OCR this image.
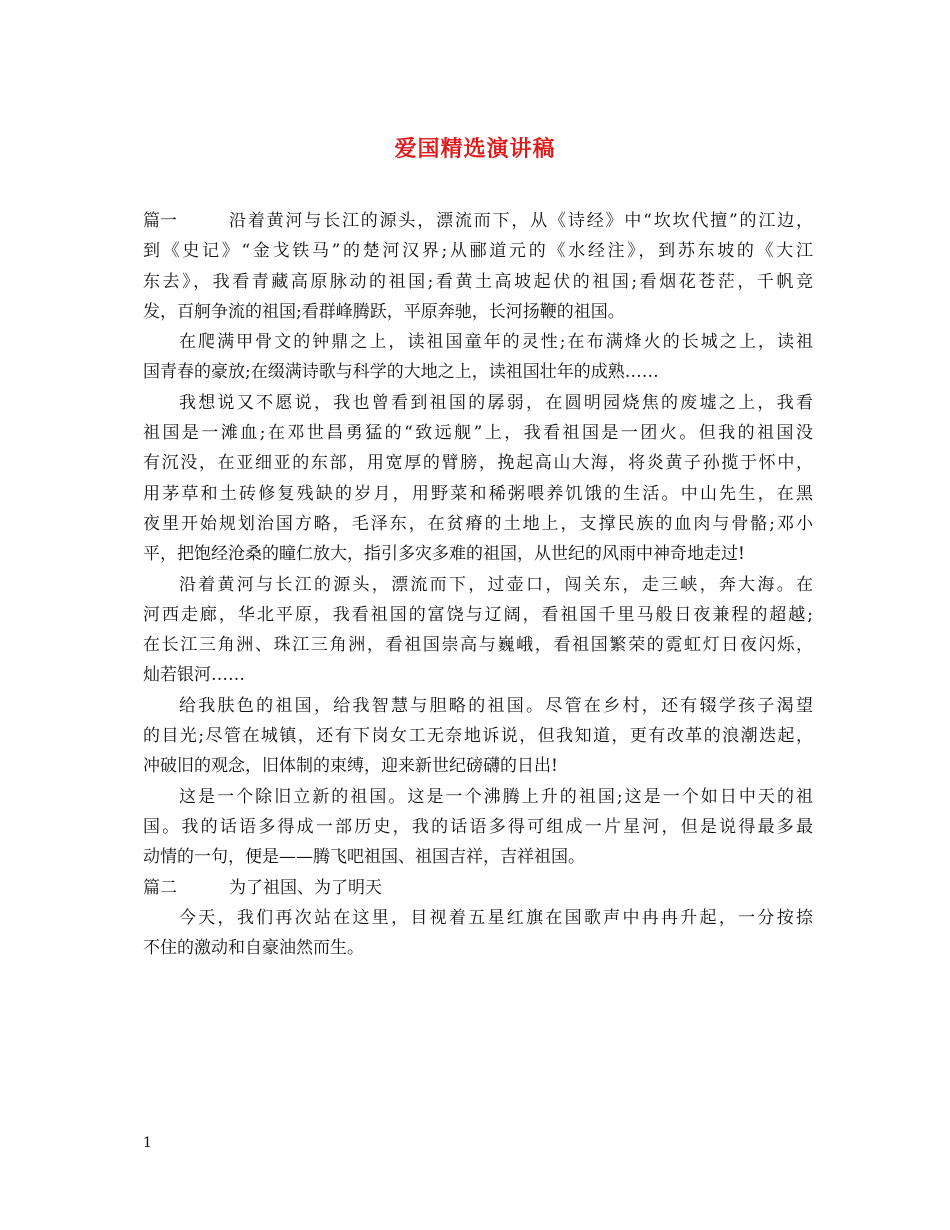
爱国精选演讲稿
篇一	沿着黄河与长江的源头，漂流而下，从《诗经》中“坎坎代擅”的江边，
到《史记》“金戈铁马”的楚河汉界;从郦道元的《水经注》，到苏东坡的《大江
东去》，我看青藏高原脉动的祖国;看黄土高坡起伏的祖国;看烟花苍茫，千帆竞
发，百舸争流的祖国;看群峰腾跃，平原奔驰，长河扬鞭的祖国。
在爬满甲骨文的钟鼎之上，读祖国童年的灵性;在布满烽火的长城之上，读祖
国青春的豪放;在缀满诗歌与科学的大地之上，读祖国壮年的成熟……
我想说又不愿说，我也曾看到祖国的孱弱，在圆明园烧焦的废墟之上，我看
祖国是一滩血;在邓世昌勇猛的“致远舰”上，我看祖国是一团火。但我的祖国没
有沉没，在亚细亚的东部，用宽厚的臂膀，挽起高山大海，将炎黄子孙揽于怀中，
用茅草和土砖修复残缺的岁月，用野菜和稀粥喂养饥饿的生活。中山先生，在黑
夜里开始规划治国方略，毛泽东，在贫瘠的土地上，支撑民族的血肉与骨骼;邓小
平，把饱经沧桑的瞳仁放大，指引多灾多难的祖国，从世纪的风雨中神奇地走过!
沿着黄河与长江的源头，漂流而下，过壶口，闯关东，走三峡，奔大海。在
河西走廊，华北平原，我看祖国的富饶与辽阔，看祖国千里马般日夜兼程的超越;
在长江三角洲、珠江三角洲，看祖国崇高与巍峨，看祖国繁荣的霓虹灯日夜闪烁，
灿若银河……
给我肤色的祖国，给我智慧与胆略的祖国。尽管在乡村，还有辍学孩子渴望
的目光;尽管在城镇，还有下岗女工无奈地诉说，但我知道，更有改革的浪潮迭起，
冲破旧的观念，旧体制的束缚，迎来新世纪磅礴的日出!
这是一个除旧立新的祖国。这是一个沸腾上升的祖国;这是一个如日中天的祖
国。我的话语多得成一部历史，我的话语多得可组成一片星河，但是说得最多最
动情的一句，便是——腾飞吧祖国、祖国吉祥，吉祥祖国。
篇二	为了祖国、为了明天
今天，我们再次站在这里，目视着五星红旗在国歌声中冉冉升起，一分按捺
不住的激动和自豪油然而生。
1
